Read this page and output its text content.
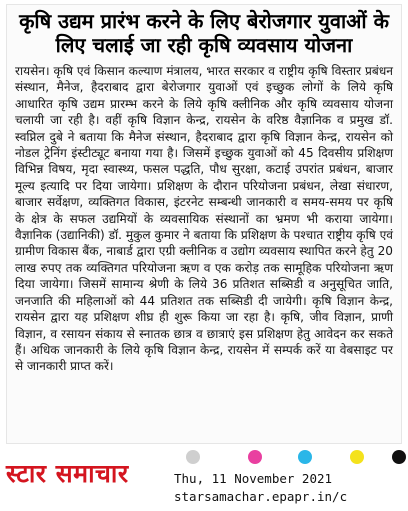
कृषि उद्यम प्रारंभ करने के लिए बेरोजगार युवाओं के लिए चलाई जा रही कृषि व्यवसाय योजना

रायसेन। कृषि एवं किसान कल्याण मंत्रालय, भारत सरकार व राष्ट्रीय कृषि विस्तार प्रबंधन संस्थान, मैनेज, हैदराबाद द्वारा बेरोजगार युवाओं एवं इच्छुक लोगों के लिये कृषि आधारित कृषि उद्यम प्रारम्भ करने के लिये कृषि क्लीनिक और कृषि व्यवसाय योजना चलायी जा रही है। वहीं कृषि विज्ञान केन्द्र, रायसेन के वरिष्ठ वैज्ञानिक व प्रमुख डॉ. स्वप्निल दुबे ने बताया कि मैनेज संस्थान, हैदराबाद द्वारा कृषि विज्ञान केन्द्र, रायसेन को नोडल ट्रेनिंग इंस्टीट्यूट बनाया गया है। जिसमें इच्छुक युवाओं को 45 दिवसीय प्रशिक्षण विभिन्न विषय, मृदा स्वास्थ्य, फसल पद्धति, पौध सुरक्षा, कटाई उपरांत प्रबंधन, बाजार मूल्य इत्यादि पर दिया जायेगा। प्रशिक्षण के दौरान परियोजना प्रबंधन, लेखा संधारण, बाजार सर्वेक्षण, व्यक्तिगत विकास, इंटरनेट सम्बन्धी जानकारी व समय-समय पर कृषि के क्षेत्र के सफल उद्यमियों के व्यवसायिक संस्थानों का भ्रमण भी कराया जायेगा। वैज्ञानिक (उद्यानिकी) डॉ. मुकुल कुमार ने बताया कि प्रशिक्षण के पश्चात राष्ट्रीय कृषि एवं ग्रामीण विकास बैंक, नाबार्ड द्वारा एग्री क्लीनिक व उद्योग व्यवसाय स्थापित करने हेतु 20 लाख रुपए तक व्यक्तिगत परियोजना ऋण व एक करोड़ तक सामूहिक परियोजना ऋण दिया जायेगा। जिसमें सामान्य श्रेणी के लिये 36 प्रतिशत सब्सिडी व अनुसूचित जाति, जनजाति की महिलाओं को 44 प्रतिशत तक सब्सिडी दी जायेगी। कृषि विज्ञान केन्द्र, रायसेन द्वारा यह प्रशिक्षण शीघ्र ही शुरू किया जा रहा है। कृषि, जीव विज्ञान, प्राणी विज्ञान, व रसायन संकाय से स्नातक छात्र व छात्राएं इस प्रशिक्षण हेतु आवेदन कर सकते हैं। अधिक जानकारी के लिये कृषि विज्ञान केन्द्र, रायसेन में सम्पर्क करें या वेबसाइट पर से जानकारी प्राप्त करें।

स्टार समाचार	Thu, 11 November 2021
starsamachar.epapr.in/c
